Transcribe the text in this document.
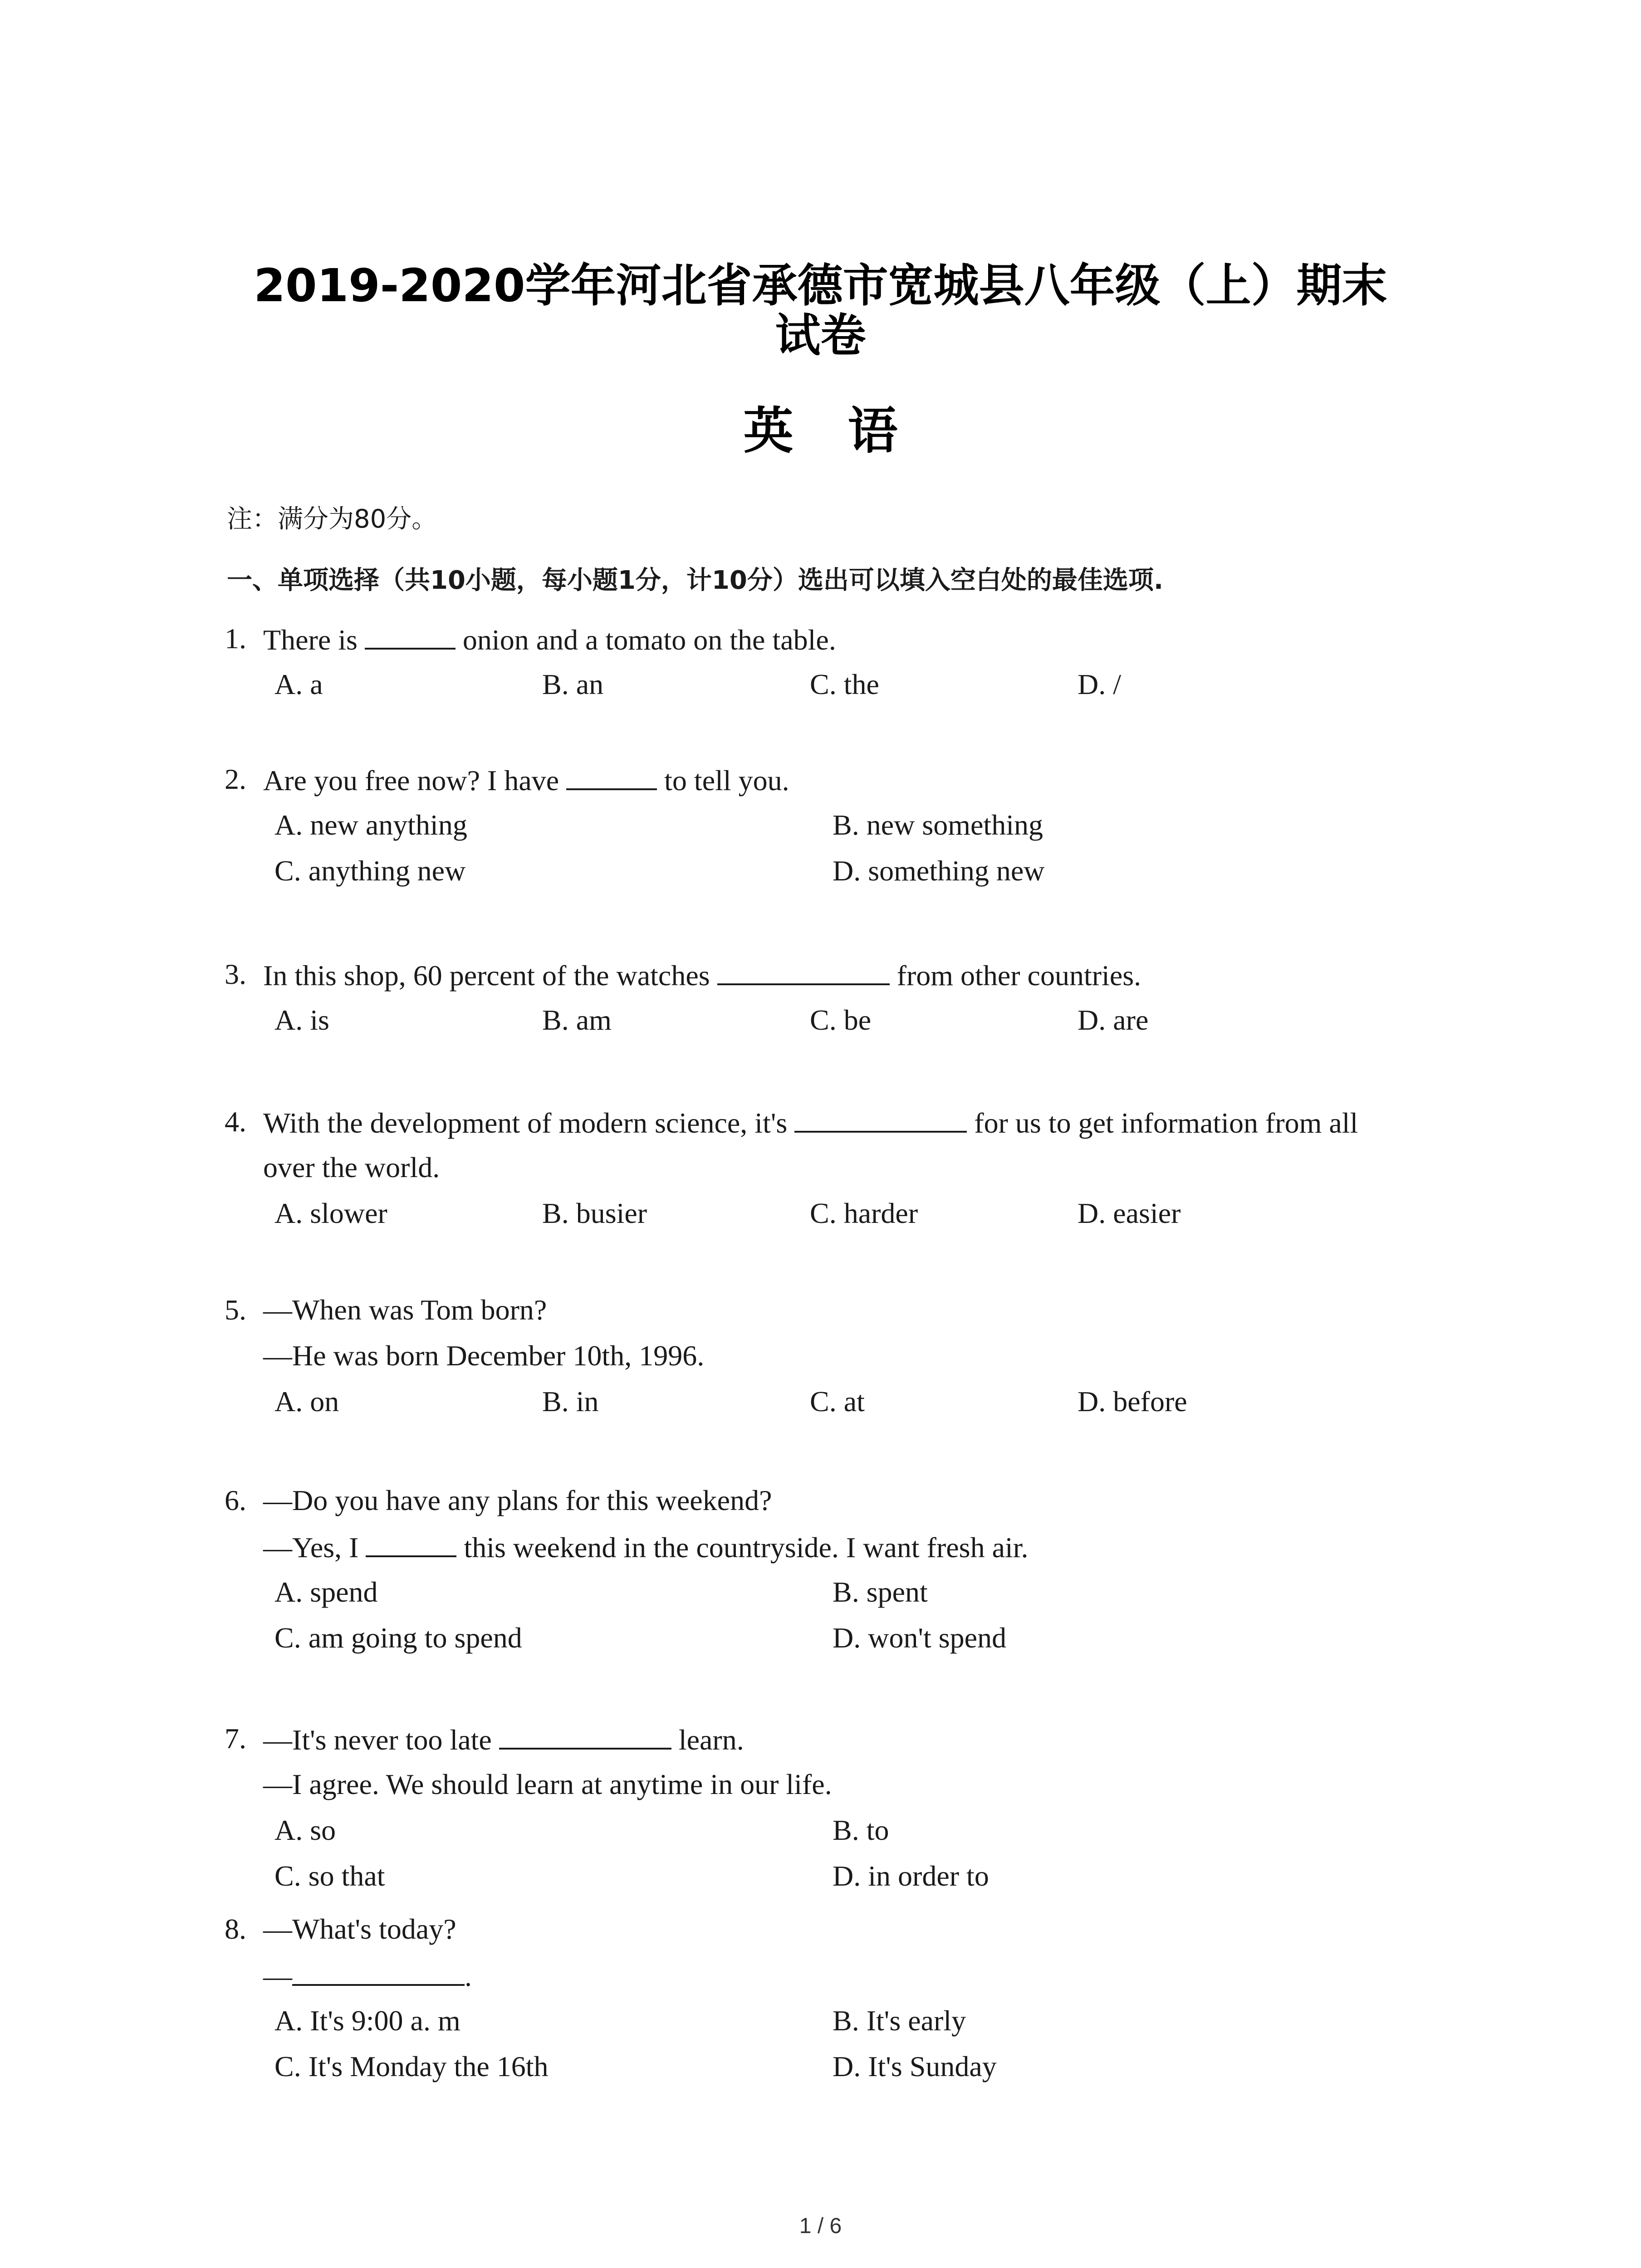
2019-2020学年河北省承德市宽城县八年级（上）期末
试卷
英语
注：满分为80分。
一、单项选择（共10小题，每小题1分，计10分）选出可以填入空白处的最佳选项.
1. There is	onion and a tomato on the table.
A. a	B. an	C. the	D. /
2. Are you free now? I have	to tell you.
A. new anything	B. new something
C. anything new	D. something new
3. In this shop, 60 percent of the watches	from other countries.
A. is	B. am	C. be	D. are
4. With the development of modern science, it's	for us to get information from all
over the world.
A. slower	B. busier	C. harder	D. easier
5. —When was Tom born?
—He was born December 10th, 1996.
A. on	B. in	C. at	D. before
6. —Do you have any plans for this weekend?
—Yes, I	this weekend in the countryside. I want fresh air.
A. spend	B. spent
C. am going to spend	D. won't spend
7. —It's never too late	learn.
—I agree. We should learn at anytime in our life.
A. so	B. to
C. so that	D. in order to
8. —What's today?
—	.
A. It's 9:00 a. m	B. It's early
C. It's Monday the 16th	D. It's Sunday
1 / 6
